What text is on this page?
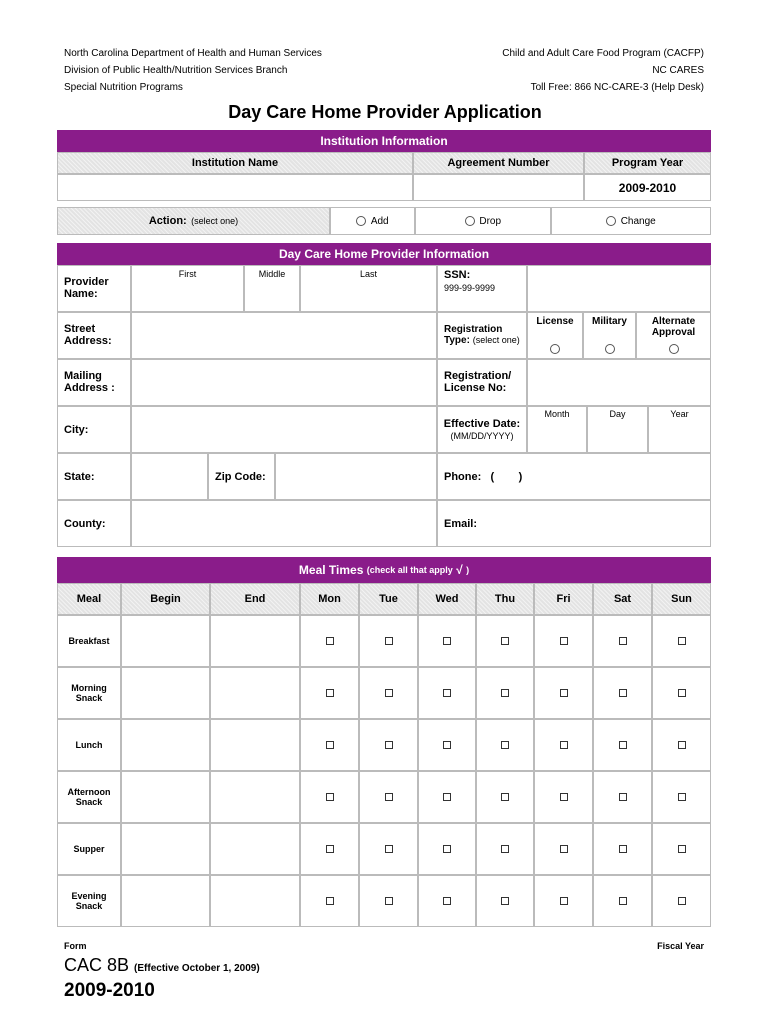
North Carolina Department of Health and Human Services
Division of Public Health/Nutrition Services Branch
Special Nutrition Programs
Child and Adult Care Food Program (CACFP)
NC CARES
Toll Free: 866 NC-CARE-3 (Help Desk)
Day Care Home Provider Application
Institution Information
Institution Name	Agreement Number	Program Year
2009-2010
Action:
(select one)
	Add
	Drop
	Change
Day Care Home Provider Information
Provider Name:
First	Middle	Last	SSN:
999-99-9999
Street Address:
Registration
Type: (select one)
License	Military	Alternate Approval
Mailing Address :
Registration/ License No:
City:	Effective Date:
(MM/DD/YYYY)
Month	Day	Year
State:	Zip Code:	Phone: ( )
County:	Email:
Meal Times
(check all that apply
√
)
Meal	Begin	End	Mon	Tue	Wed	Thu	Fri	Sat	Sun
Breakfast
Morning Snack
Lunch
Afternoon Snack
Supper
Evening Snack
Form
CAC 8B (Effective October 1, 2009)
2009-2010
Fiscal Year
